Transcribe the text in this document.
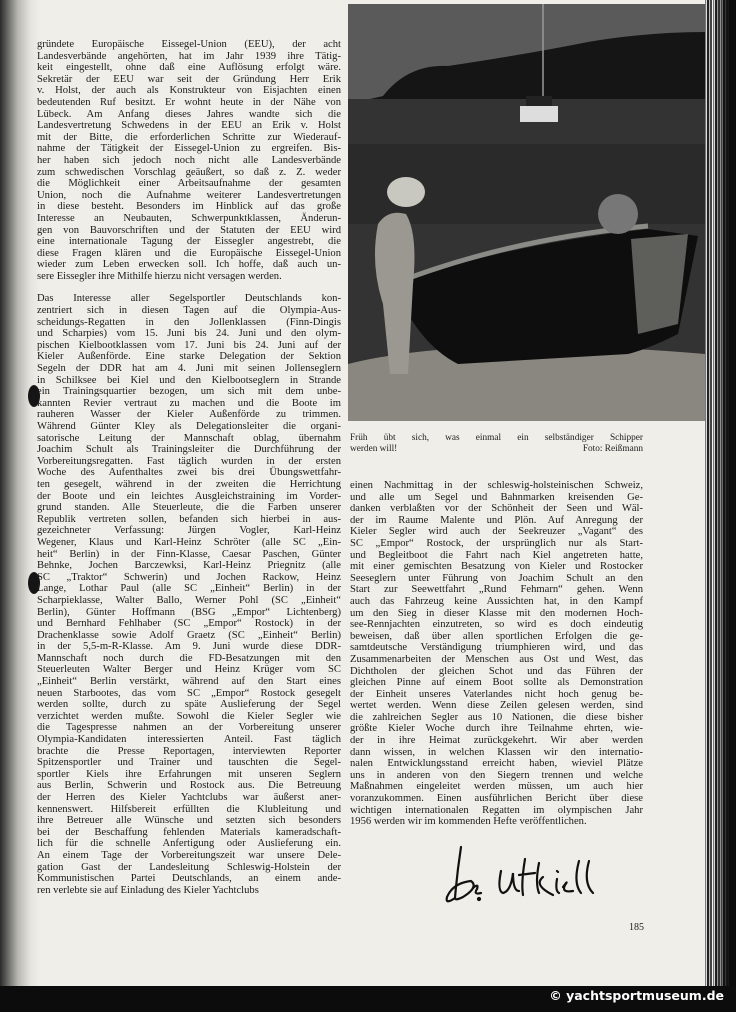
gründete Europäische Eissegel-Union (EEU), der acht
Landesverbände angehörten, hat im Jahr 1939 ihre Tätig-
keit eingestellt, ohne daß eine Auflösung erfolgt wäre.
Sekretär der EEU war seit der Gründung Herr Erik
v. Holst, der auch als Konstrukteur von Eisjachten einen
bedeutenden Ruf besitzt. Er wohnt heute in der Nähe von
Lübeck. Am Anfang dieses Jahres wandte sich die
Landesvertretung Schwedens in der EEU an Erik v. Holst
mit der Bitte, die erforderlichen Schritte zur Wiederauf-
nahme der Tätigkeit der Eissegel-Union zu ergreifen. Bis-
her haben sich jedoch noch nicht alle Landesverbände
zum schwedischen Vorschlag geäußert, so daß z. Z. weder
die Möglichkeit einer Arbeitsaufnahme der gesamten
Union, noch die Aufnahme weiterer Landesvertretungen
in diese besteht. Besonders im Hinblick auf das große
Interesse an Neubauten, Schwerpunktklassen, Änderun-
gen von Bauvorschriften und der Statuten der EEU wird
eine internationale Tagung der Eissegler angestrebt, die
diese Fragen klären und die Europäische Eissegel-Union
wieder zum Leben erwecken soll. Ich hoffe, daß auch un-
sere Eissegler ihre Mithilfe hierzu nicht versagen werden.
Das Interesse aller Segelsportler Deutschlands kon-
zentriert sich in diesen Tagen auf die Olympia-Aus-
scheidungs-Regatten in den Jollenklassen (Finn-Dingis
und Scharpies) vom 15. Juni bis 24. Juni und den olym-
pischen Kielbootklassen vom 17. Juni bis 24. Juni auf der
Kieler Außenförde. Eine starke Delegation der Sektion
Segeln der DDR hat am 4. Juni mit seinen Jollenseglern
in Schilksee bei Kiel und den Kielbootseglern in Strande
ein Trainingsquartier bezogen, um sich mit dem unbe-
kannten Revier vertraut zu machen und die Boote im
rauheren Wasser der Kieler Außenförde zu trimmen.
Während Günter Kley als Delegationsleiter die organi-
satorische Leitung der Mannschaft oblag, übernahm
Joachim Schult als Trainingsleiter die Durchführung der
Vorbereitungsregatten. Fast täglich wurden in der ersten
Woche des Aufenthaltes zwei bis drei Übungswettfahr-
ten gesegelt, während in der zweiten die Herrichtung
der Boote und ein leichtes Ausgleichstraining im Vorder-
grund standen. Alle Steuerleute, die die Farben unserer
Republik vertreten sollen, befanden sich hierbei in aus-
gezeichneter Verfassung: Jürgen Vogler, Karl-Heinz
Wegener, Klaus und Karl-Heinz Schröter (alle SC „Ein-
heit“ Berlin) in der Finn-Klasse, Caesar Paschen, Günter
Behnke, Jochen Barczewksi, Karl-Heinz Priegnitz (alle
SC „Traktor“ Schwerin) und Jochen Rackow, Heinz
Lange, Lothar Paul (alle SC „Einheit“ Berlin) in der
Scharpieklasse, Walter Ballo, Werner Pohl (SC „Einheit“
Berlin), Günter Hoffmann (BSG „Empor“ Lichtenberg)
und Bernhard Fehlhaber (SC „Empor“ Rostock) in der
Drachenklasse sowie Adolf Graetz (SC „Einheit“ Berlin)
in der 5,5-m-R-Klasse. Am 9. Juni wurde diese DDR-
Mannschaft noch durch die FD-Besatzungen mit den
Steuerleuten Walter Berger und Heinz Krüger vom SC
„Einheit“ Berlin verstärkt, während auf den Start eines
neuen Starbootes, das vom SC „Empor“ Rostock gesegelt
werden sollte, durch zu späte Auslieferung der Segel
verzichtet werden mußte. Sowohl die Kieler Segler wie
die Tagespresse nahmen an der Vorbereitung unserer
Olympia-Kandidaten interessierten Anteil. Fast täglich
brachte die Presse Reportagen, interviewten Reporter
Spitzensportler und Trainer und tauschten die Segel-
sportler Kiels ihre Erfahrungen mit unseren Seglern
aus Berlin, Schwerin und Rostock aus. Die Betreuung
der Herren des Kieler Yachtclubs war äußerst aner-
kennenswert. Hilfsbereit erfüllten die Klubleitung und
ihre Betreuer alle Wünsche und setzten sich besonders
bei der Beschaffung fehlenden Materials kameradschaft-
lich für die schnelle Anfertigung oder Auslieferung ein.
An einem Tage der Vorbereitungszeit war unsere Dele-
gation Gast der Landesleitung Schleswig-Holstein der
Kommunistischen Partei Deutschlands, an einem ande-
ren verlebte sie auf Einladung des Kieler Yachtclubs
Früh übt sich, was einmal ein selbständiger Schipper
werden will!	Foto: Reißmann
einen Nachmittag in der schleswig-holsteinischen Schweiz,
und alle um Segel und Bahnmarken kreisenden Ge-
danken verblaßten vor der Schönheit der Seen und Wäl-
der im Raume Malente und Plön. Auf Anregung der
Kieler Segler wird auch der Seekreuzer „Vagant“ des
SC „Empor“ Rostock, der ursprünglich nur als Start-
und Begleitboot die Fahrt nach Kiel angetreten hatte,
mit einer gemischten Besatzung von Kieler und Rostocker
Seeseglern unter Führung von Joachim Schult an den
Start zur Seewettfahrt „Rund Fehmarn“ gehen. Wenn
auch das Fahrzeug keine Aussichten hat, in den Kampf
um den Sieg in dieser Klasse mit den modernen Hoch-
see-Rennjachten einzutreten, so wird es doch eindeutig
beweisen, daß über allen sportlichen Erfolgen die ge-
samtdeutsche Verständigung triumphieren wird, und das
Zusammenarbeiten der Menschen aus Ost und West, das
Dichtholen der gleichen Schot und das Führen der
gleichen Pinne auf einem Boot sollte als Demonstration
der Einheit unseres Vaterlandes nicht hoch genug be-
wertet werden. Wenn diese Zeilen gelesen werden, sind
die zahlreichen Segler aus 10 Nationen, die diese bisher
größte Kieler Woche durch ihre Teilnahme ehrten, wie-
der in ihre Heimat zurückgekehrt. Wir aber werden
dann wissen, in welchen Klassen wir den internatio-
nalen Entwicklungsstand erreicht haben, wieviel Plätze
uns in anderen von den Siegern trennen und welche
Maßnahmen eingeleitet werden müssen, um auch hier
voranzukommen. Einen ausführlichen Bericht über diese
wichtigen internationalen Regatten im olympischen Jahr
1956 werden wir im kommenden Hefte veröffentlichen.
185
© yachtsportmuseum.de
